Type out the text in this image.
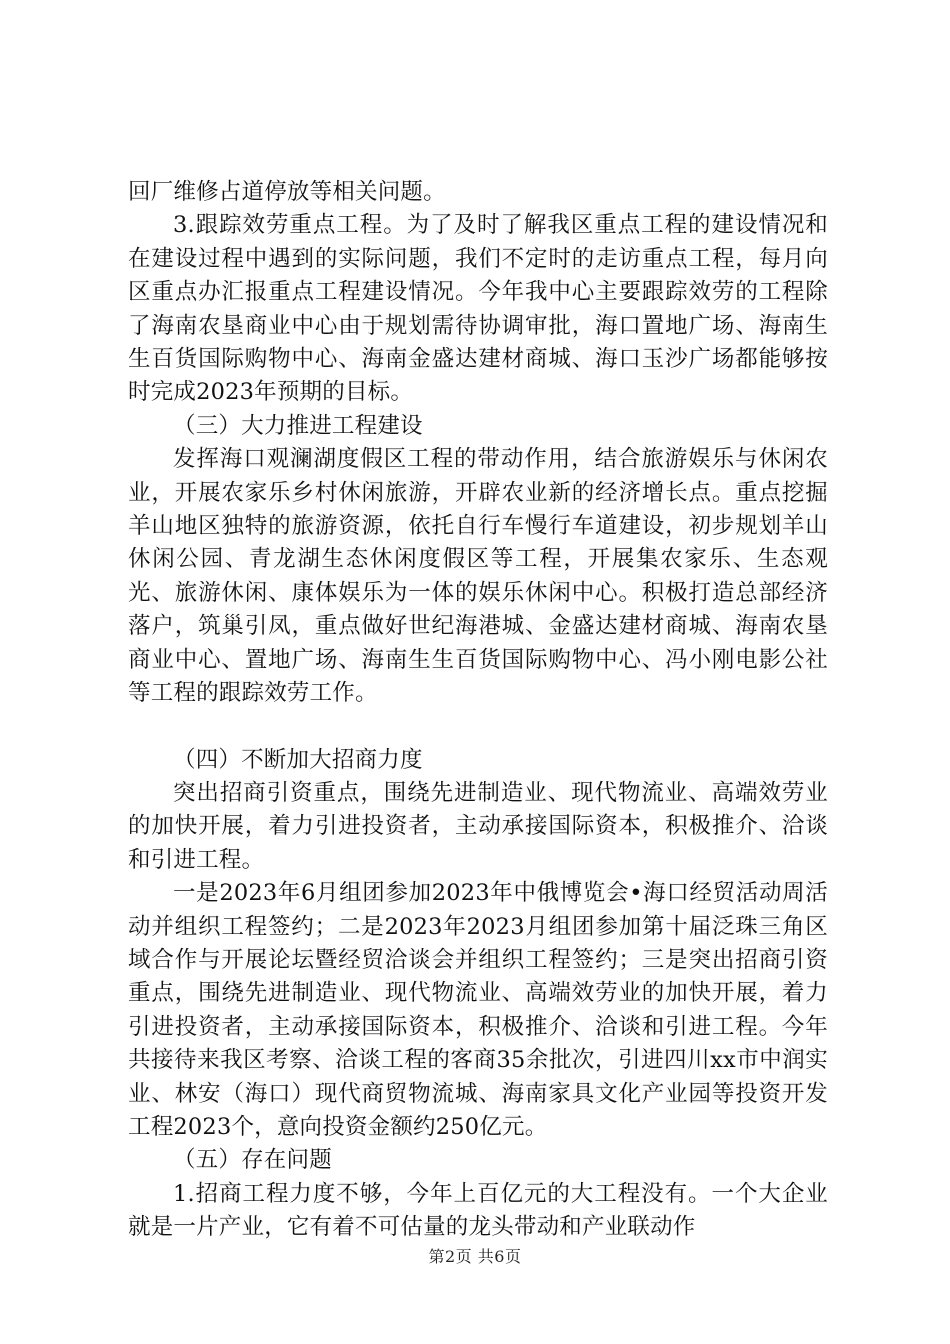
回厂维修占道停放等相关问题。

3.跟踪效劳重点工程。为了及时了解我区重点工程的建设情况和在建设过程中遇到的实际问题，我们不定时的走访重点工程，每月向区重点办汇报重点工程建设情况。今年我中心主要跟踪效劳的工程除了海南农垦商业中心由于规划需待协调审批，海口置地广场、海南生生百货国际购物中心、海南金盛达建材商城、海口玉沙广场都能够按时完成2023年预期的目标。

（三）大力推进工程建设

发挥海口观澜湖度假区工程的带动作用，结合旅游娱乐与休闲农业，开展农家乐乡村休闲旅游，开辟农业新的经济增长点。重点挖掘羊山地区独特的旅游资源，依托自行车慢行车道建设，初步规划羊山休闲公园、青龙湖生态休闲度假区等工程，开展集农家乐、生态观光、旅游休闲、康体娱乐为一体的娱乐休闲中心。积极打造总部经济落户，筑巢引凤，重点做好世纪海港城、金盛达建材商城、海南农垦商业中心、置地广场、海南生生百货国际购物中心、冯小刚电影公社等工程的跟踪效劳工作。

（四）不断加大招商力度

突出招商引资重点，围绕先进制造业、现代物流业、高端效劳业的加快开展，着力引进投资者，主动承接国际资本，积极推介、洽谈和引进工程。

一是2023年6月组团参加2023年中俄博览会•海口经贸活动周活动并组织工程签约；二是2023年2023月组团参加第十届泛珠三角区域合作与开展论坛暨经贸洽谈会并组织工程签约；三是突出招商引资重点，围绕先进制造业、现代物流业、高端效劳业的加快开展，着力引进投资者，主动承接国际资本，积极推介、洽谈和引进工程。今年共接待来我区考察、洽谈工程的客商35余批次，引进四川xx市中润实业、林安（海口）现代商贸物流城、海南家具文化产业园等投资开发工程2023个，意向投资金额约250亿元。

（五）存在问题

1.招商工程力度不够，今年上百亿元的大工程没有。一个大企业就是一片产业，它有着不可估量的龙头带动和产业联动作

第2页 共6页
